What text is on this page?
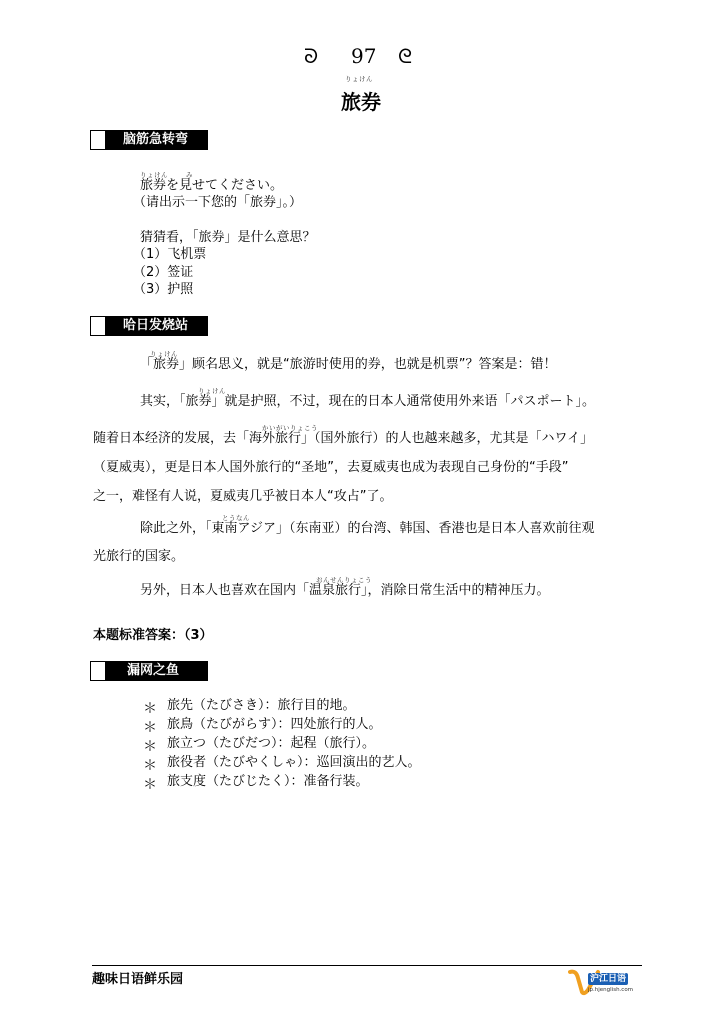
ᘐ 97 ᘓ
りょけん
旅券
脑筋急转弯
りょけん	み
旅券を見せてください。
（请出示一下您的「旅券」。）
猜猜看，「旅券」是什么意思？
（1）飞机票
（2）签证
（3）护照
哈日发烧站
りょけん
「旅券」顾名思义，就是“旅游时使用的券，也就是机票”？答案是：错！
りょけん
其实，「旅券」就是护照，不过，现在的日本人通常使用外来语「パスポート」。
かいがいりょこう
随着日本经济的发展，去「海外旅行」（国外旅行）的人也越来越多，尤其是「ハワイ」
（夏威夷），更是日本人国外旅行的“圣地”，去夏威夷也成为表现自己身份的“手段”
之一，难怪有人说，夏威夷几乎被日本人“攻占”了。
とうなん
除此之外，「東南アジア」（东南亚）的台湾、韩国、香港也是日本人喜欢前往观
光旅行的国家。
おんせんりょこう
另外，日本人也喜欢在国内「温泉旅行」，消除日常生活中的精神压力。
本题标准答案：（3）
漏网之鱼
＊ 旅先（たびさき）：旅行目的地。
＊ 旅鳥（たびがらす）：四处旅行的人。
＊ 旅立つ（たびだつ）：起程（旅行）。
＊ 旅役者（たびやくしゃ）：巡回演出的艺人。
＊ 旅支度（たびじたく）：准备行装。
趣味日语鲜乐园	沪江日语
jp.hjenglish.com
